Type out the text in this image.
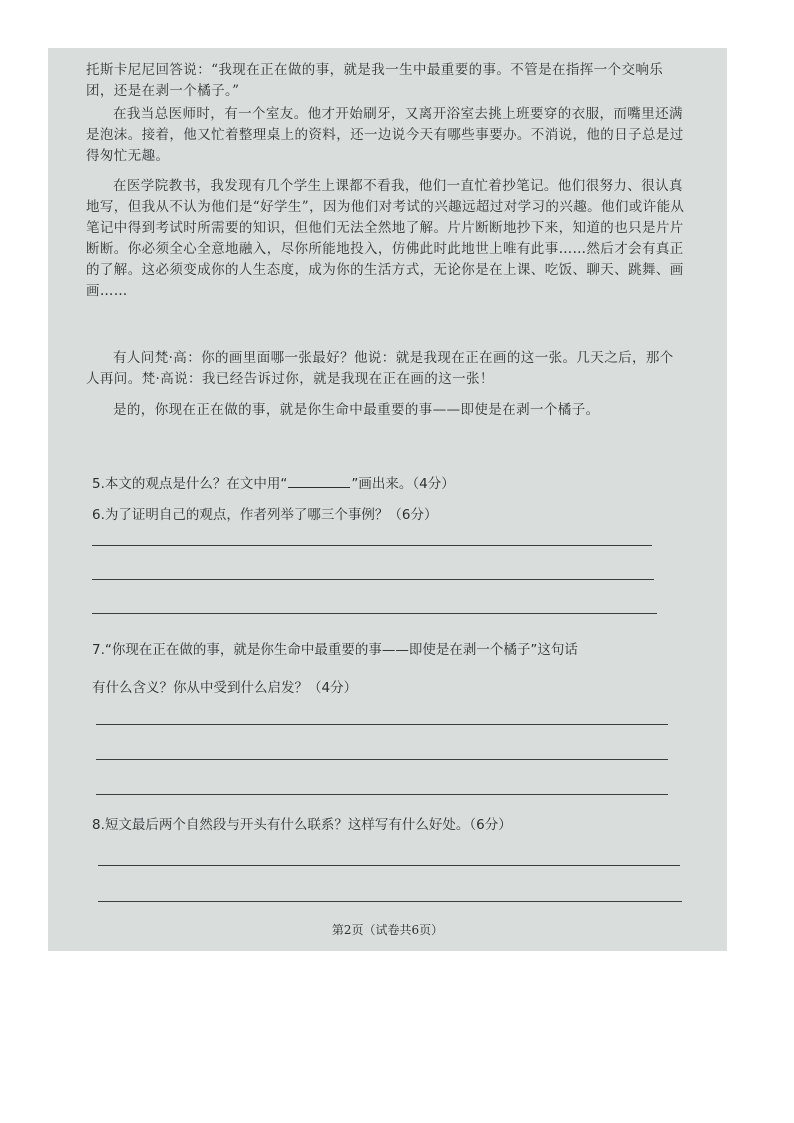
托斯卡尼尼回答说：“我现在正在做的事，就是我一生中最重要的事。不管是在指挥一个交响乐团，还是在剥一个橘子。”

在我当总医师时，有一个室友。他才开始刷牙，又离开浴室去挑上班要穿的衣服，而嘴里还满是泡沫。接着，他又忙着整理桌上的资料，还一边说今天有哪些事要办。不消说，他的日子总是过得匆忙无趣。

在医学院教书，我发现有几个学生上课都不看我，他们一直忙着抄笔记。他们很努力、很认真地写，但我从不认为他们是“好学生”，因为他们对考试的兴趣远超过对学习的兴趣。他们或许能从笔记中得到考试时所需要的知识，但他们无法全然地了解。片片断断地抄下来，知道的也只是片片断断。你必须全心全意地融入，尽你所能地投入，仿佛此时此地世上唯有此事……然后才会有真正的了解。这必须变成你的人生态度，成为你的生活方式，无论你是在上课、吃饭、聊天、跳舞、画画……

有人问梵·高：你的画里面哪一张最好？他说：就是我现在正在画的这一张。几天之后，那个人再问。梵·高说：我已经告诉过你，就是我现在正在画的这一张！

是的，你现在正在做的事，就是你生命中最重要的事——即使是在剥一个橘子。

5.本文的观点是什么？在文中用“	”画出来。（4分）

6.为了证明自己的观点，作者列举了哪三个事例？（6分）

7.“你现在正在做的事，就是你生命中最重要的事——即使是在剥一个橘子”这句话

有什么含义？你从中受到什么启发？（4分）

8.短文最后两个自然段与开头有什么联系？这样写有什么好处。（6分）

第2页（试卷共6页）
